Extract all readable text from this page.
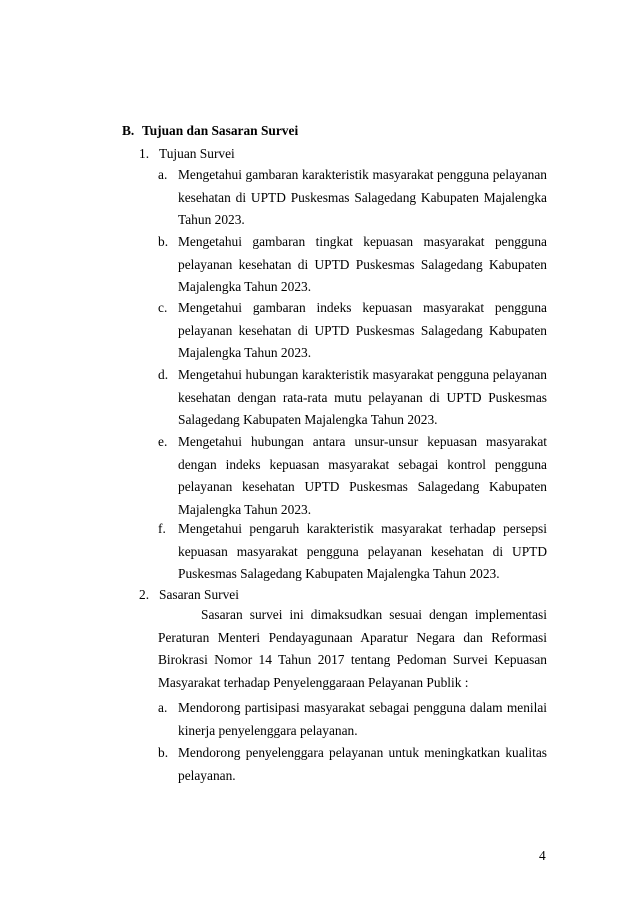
B. Tujuan dan Sasaran Survei
1. Tujuan Survei
a. Mengetahui gambaran karakteristik masyarakat pengguna pelayanan kesehatan di UPTD Puskesmas Salagedang Kabupaten Majalengka Tahun 2023.
b. Mengetahui gambaran tingkat kepuasan masyarakat pengguna pelayanan kesehatan di UPTD Puskesmas Salagedang Kabupaten Majalengka Tahun 2023.
c. Mengetahui gambaran indeks kepuasan masyarakat pengguna pelayanan kesehatan di UPTD Puskesmas Salagedang Kabupaten Majalengka Tahun 2023.
d. Mengetahui hubungan karakteristik masyarakat pengguna pelayanan kesehatan dengan rata-rata mutu pelayanan di UPTD Puskesmas Salagedang Kabupaten Majalengka Tahun 2023.
e. Mengetahui hubungan antara unsur-unsur kepuasan masyarakat dengan indeks kepuasan masyarakat sebagai kontrol pengguna pelayanan kesehatan UPTD Puskesmas Salagedang Kabupaten Majalengka Tahun 2023.
f. Mengetahui pengaruh karakteristik masyarakat terhadap persepsi kepuasan masyarakat pengguna pelayanan kesehatan di UPTD Puskesmas Salagedang Kabupaten Majalengka Tahun 2023.
2. Sasaran Survei
Sasaran survei ini dimaksudkan sesuai dengan implementasi Peraturan Menteri Pendayagunaan Aparatur Negara dan Reformasi Birokrasi Nomor 14 Tahun 2017 tentang Pedoman Survei Kepuasan Masyarakat terhadap Penyelenggaraan Pelayanan Publik :
a. Mendorong partisipasi masyarakat sebagai pengguna dalam menilai kinerja penyelenggara pelayanan.
b. Mendorong penyelenggara pelayanan untuk meningkatkan kualitas pelayanan.
4
